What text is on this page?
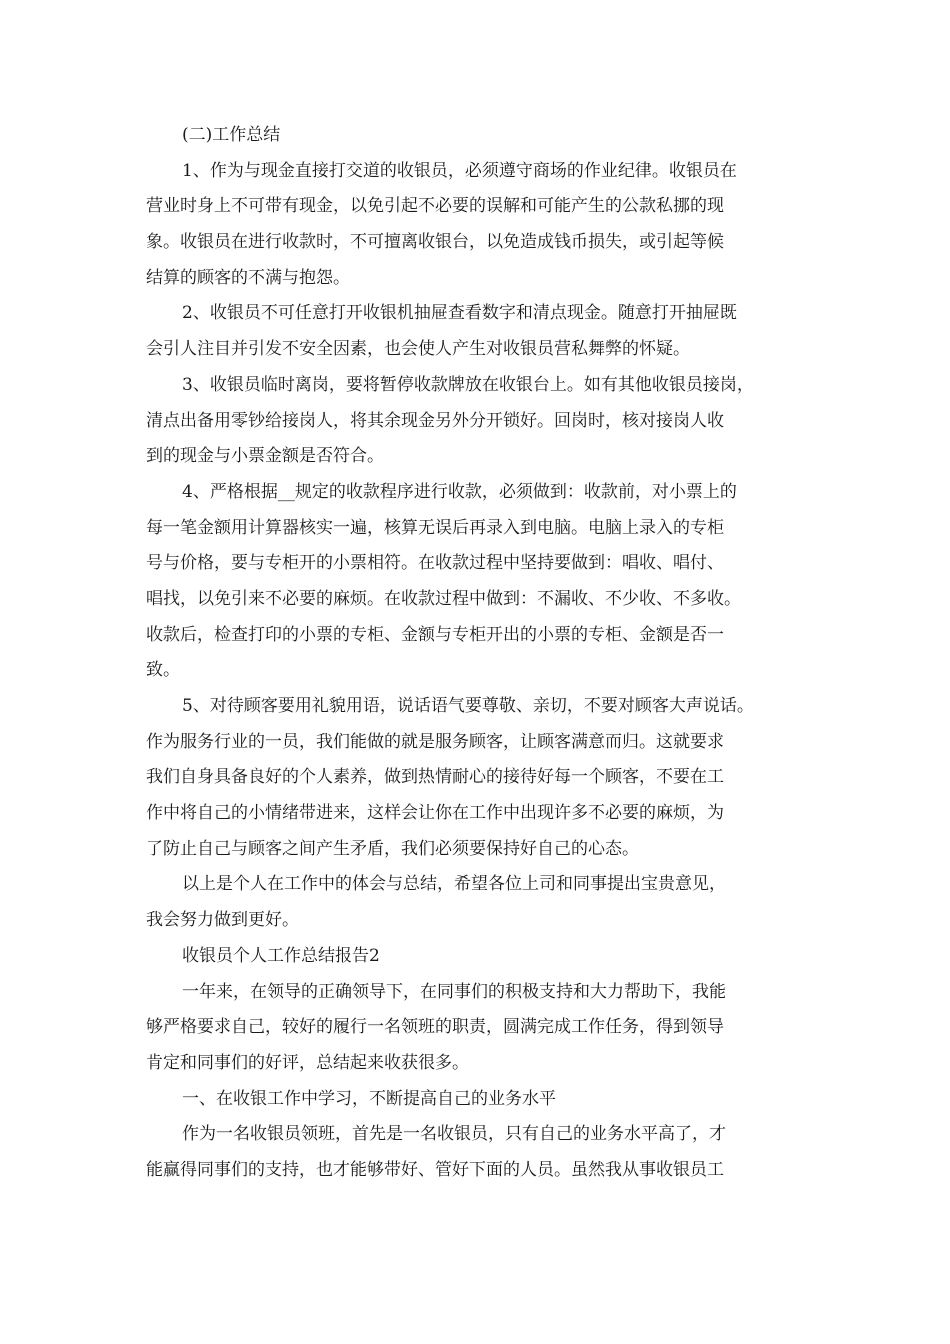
(二)工作总结
1、作为与现金直接打交道的收银员，必须遵守商场的作业纪律。收银员在
营业时身上不可带有现金，以免引起不必要的误解和可能产生的公款私挪的现
象。收银员在进行收款时，不可擅离收银台，以免造成钱币损失，或引起等候
结算的顾客的不满与抱怨。
2、收银员不可任意打开收银机抽屉查看数字和清点现金。随意打开抽屉既
会引人注目并引发不安全因素，也会使人产生对收银员营私舞弊的怀疑。
3、收银员临时离岗，要将暂停收款牌放在收银台上。如有其他收银员接岗，
清点出备用零钞给接岗人，将其余现金另外分开锁好。回岗时，核对接岗人收
到的现金与小票金额是否符合。
4、严格根据__规定的收款程序进行收款，必须做到：收款前，对小票上的
每一笔金额用计算器核实一遍，核算无误后再录入到电脑。电脑上录入的专柜
号与价格，要与专柜开的小票相符。在收款过程中坚持要做到：唱收、唱付、
唱找，以免引来不必要的麻烦。在收款过程中做到：不漏收、不少收、不多收。
收款后，检查打印的小票的专柜、金额与专柜开出的小票的专柜、金额是否一
致。
5、对待顾客要用礼貌用语，说话语气要尊敬、亲切，不要对顾客大声说话。
作为服务行业的一员，我们能做的就是服务顾客，让顾客满意而归。这就要求
我们自身具备良好的个人素养，做到热情耐心的接待好每一个顾客，不要在工
作中将自己的小情绪带进来，这样会让你在工作中出现许多不必要的麻烦，为
了防止自己与顾客之间产生矛盾，我们必须要保持好自己的心态。
以上是个人在工作中的体会与总结，希望各位上司和同事提出宝贵意见，
我会努力做到更好。
收银员个人工作总结报告2
一年来，在领导的正确领导下，在同事们的积极支持和大力帮助下，我能
够严格要求自己，较好的履行一名领班的职责，圆满完成工作任务，得到领导
肯定和同事们的好评，总结起来收获很多。
一、在收银工作中学习，不断提高自己的业务水平
作为一名收银员领班，首先是一名收银员，只有自己的业务水平高了，才
能赢得同事们的支持，也才能够带好、管好下面的人员。虽然我从事收银员工
